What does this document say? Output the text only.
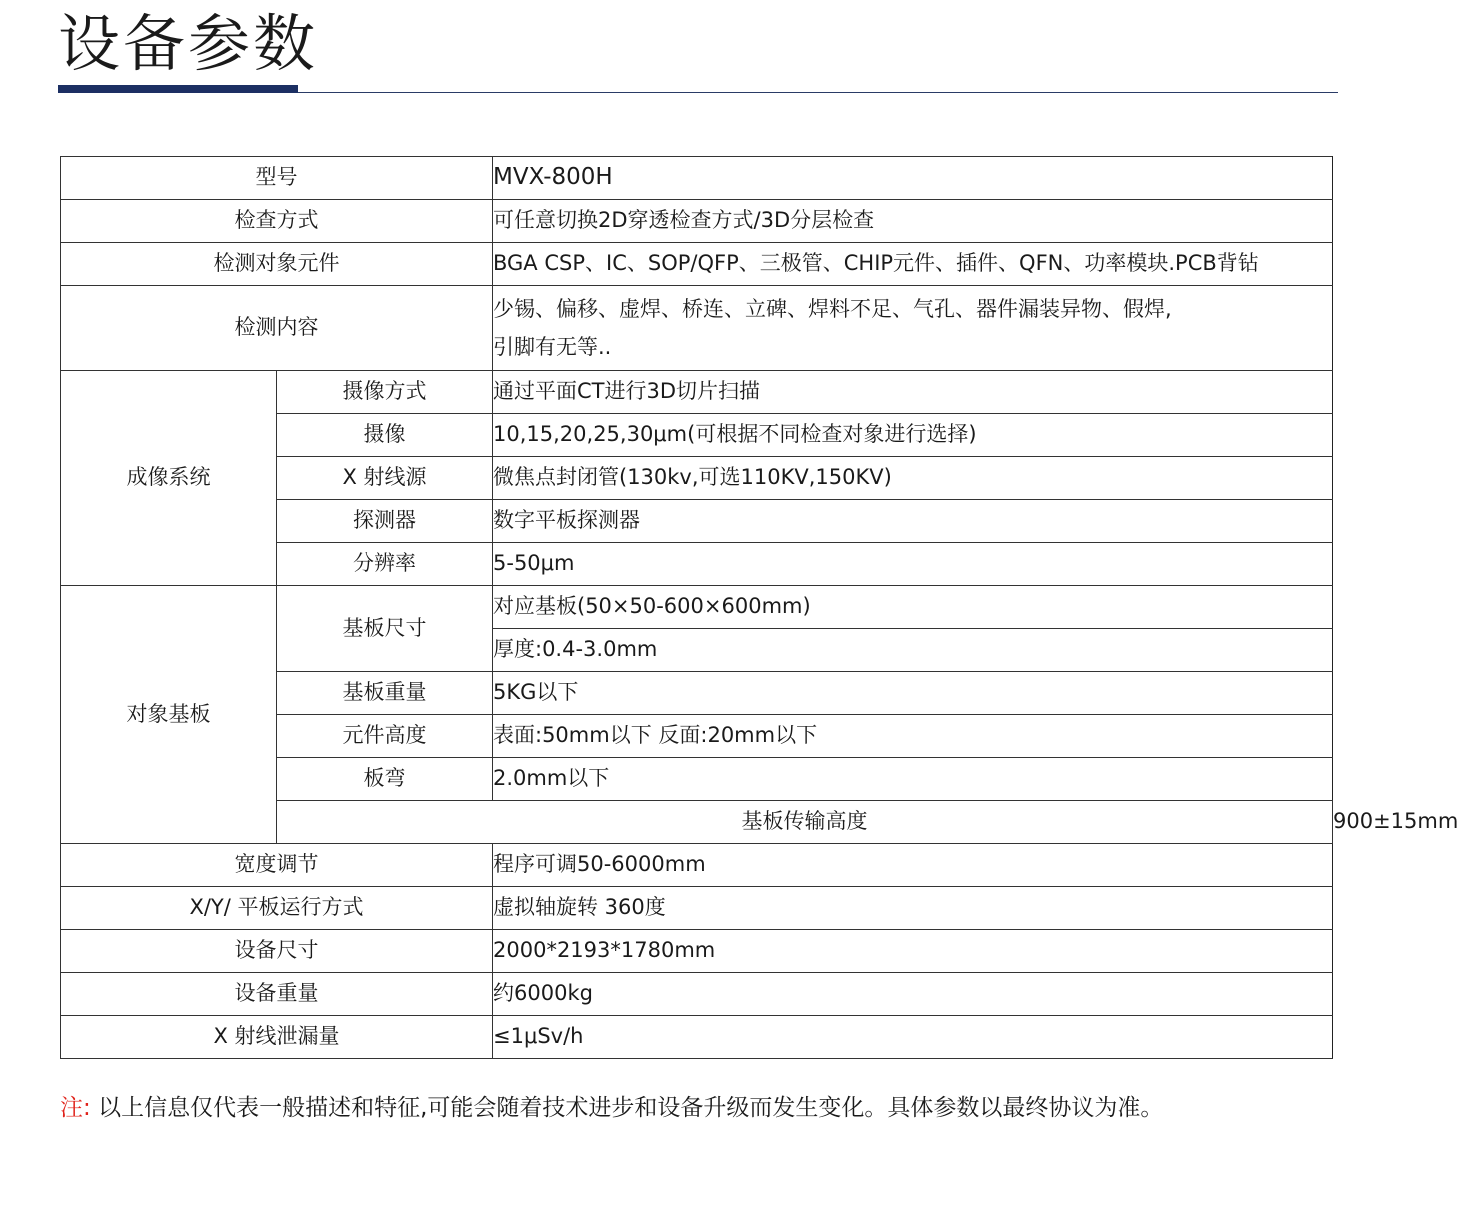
设备参数
型号		MVX-800H	
检查方式		可任意切换2D穿透检查方式/3D分层检查	
检测对象元件		BGA CSP、IC、SOP/QFP、三极管、CHIP元件、插件、QFN、功率模块.PCB背钻	
检测内容		少锡、偏移、虚焊、桥连、立碑、焊料不足、气孔、器件漏装异物、假焊,
引脚有无等..	

成像系统	摄像方式	通过平面CT进行3D切片扫描	
	摄像	10,15,20,25,30μm(可根据不同检查对象进行选择)	
	X 射线源	微焦点封闭管(130kv,可选110KV,150KV)	
	探测器	数字平板探测器	
	分辨率	5-50μm	
对象基板	基板尺寸	对应基板(50×50-600×600mm)	
		厚度:0.4-3.0mm	
	基板重量	5KG以下	
	元件高度	表面:50mm以下 反面:20mm以下	
	板弯	2.0mm以下	
	基板传输高度		900±15mm
宽度调节		程序可调50-6000mm	
X/Y/ 平板运行方式		虚拟轴旋转 360度	
设备尺寸		2000*2193*1780mm	
设备重量		约6000kg	
X 射线泄漏量		≤1μSv/h	
注: 以上信息仅代表一般描述和特征,可能会随着技术进步和设备升级而发生变化。具体参数以最终协议为准。
